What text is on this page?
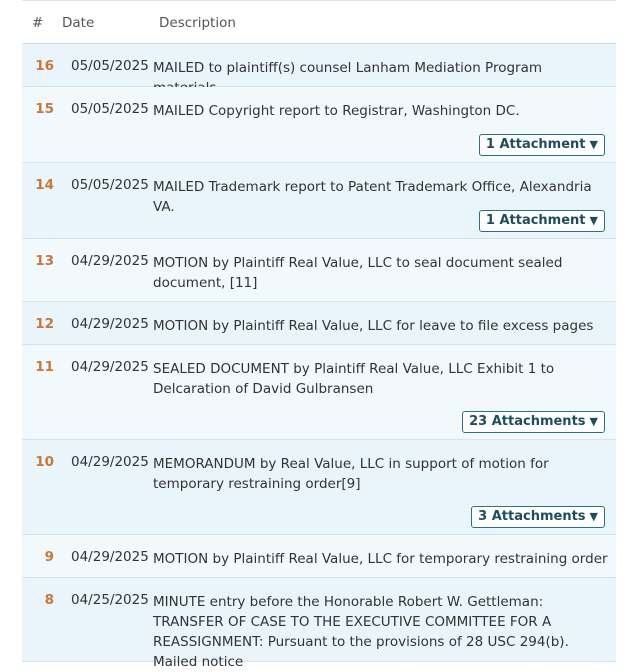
# Date	Description
16 05/05/2025 MAILED to plaintiff(s) counsel Lanham Mediation Program
15 05/05/2025 MAILED Copyright report to Registrar, Washington DC.
1 Attachment ▼
14 05/05/2025 MAILED Trademark report to Patent Trademark Office, Alexandria VA.
1 Attachment ▼
13 04/29/2025 MOTION by Plaintiff Real Value, LLC to seal document sealed document, [11]
12 04/29/2025 MOTION by Plaintiff Real Value, LLC for leave to file excess pages
11 04/29/2025 SEALED DOCUMENT by Plaintiff Real Value, LLC Exhibit 1 to Delcaration of David Gulbransen
23 Attachments ▼
10 04/29/2025 MEMORANDUM by Real Value, LLC in support of motion for temporary restraining order[9]
3 Attachments ▼
9 04/29/2025 MOTION by Plaintiff Real Value, LLC for temporary restraining order
8 04/25/2025 MINUTE entry before the Honorable Robert W. Gettleman: TRANSFER OF CASE TO THE EXECUTIVE COMMITTEE FOR A REASSIGNMENT: Pursuant to the provisions of 28 USC 294(b). Mailed notice
